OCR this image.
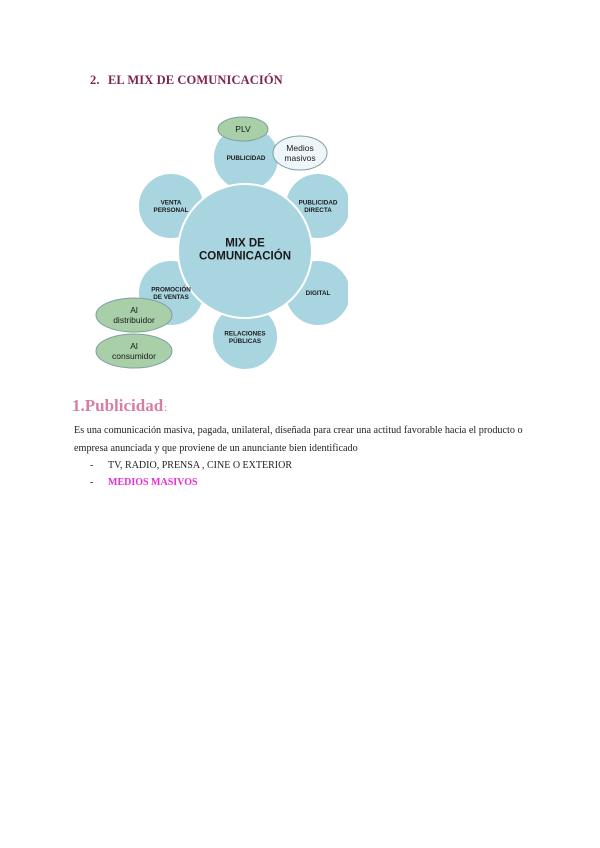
2. EL MIX DE COMUNICACIÓN
MIX DE COMUNICACIÓN
PUBLICIDAD
PUBLICIDAD DIRECTA
DIGITAL
RELACIONES PÚBLICAS
PROMOCIÓN DE VENTAS
VENTA PERSONAL
PLV
Medios masivos
Al distribuidor
Al consumidor
1.Publicidad:
Es una comunicación masiva, pagada, unilateral, diseñada para crear una actitud favorable hacia el producto o empresa anunciada y que proviene de un anunciante bien identificado
- TV, RADIO, PRENSA , CINE O EXTERIOR
- MEDIOS MASIVOS
